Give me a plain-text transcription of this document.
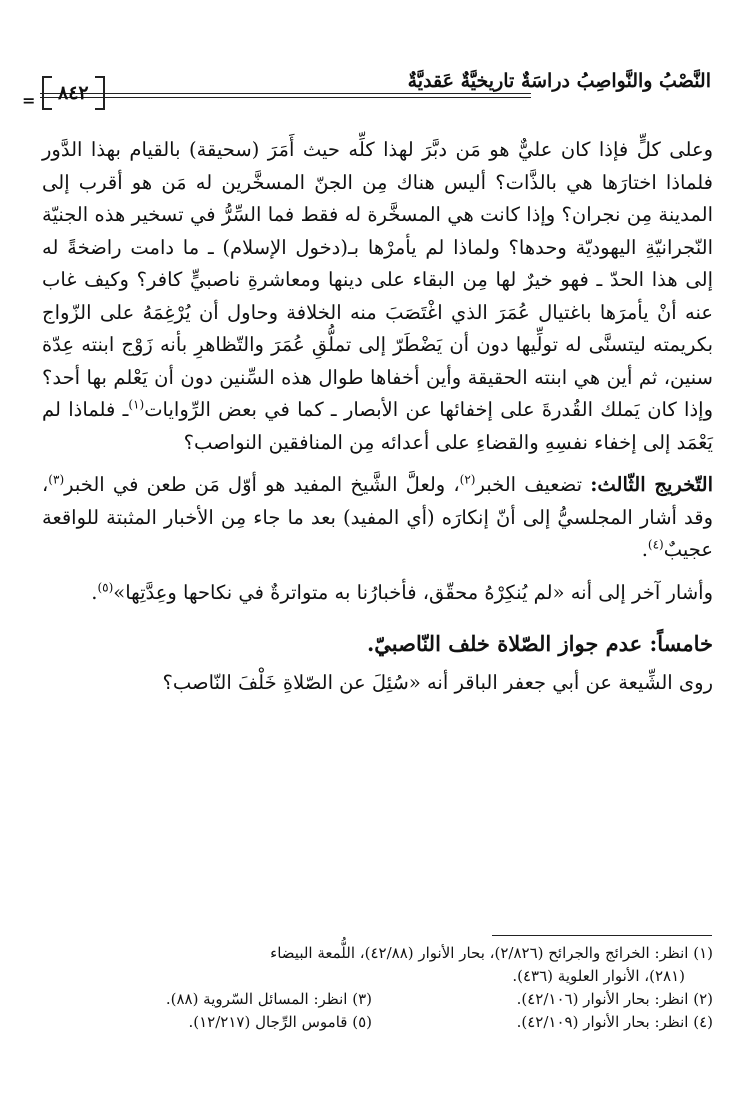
النَّصْبُ والنَّواصِبُ دراسَةٌ تاريخيَّةٌ عَقديَّةٌ
= ٨٤٢

وعلى كلٍّ فإذا كان عليٌّ هو مَن دبَّرَ لهذا كلِّه حيث أَمَرَ (سحيقة) بالقيام بهذا الدَّور فلماذا اختارَها هي بالذَّات؟ أليس هناك مِن الجنّ المسخَّرين له مَن هو أقرب إلى المدينة مِن نجران؟ وإذا كانت هي المسخَّرة له فقط فما السِّرُّ في تسخير هذه الجنيّة النّجرانيّةِ اليهوديّة وحدها؟ ولماذا لم يأمرْها بـ(دخول الإسلام) ـ ما دامت راضخةً له إلى هذا الحدّ ـ فهو خيرٌ لها مِن البقاء على دينها ومعاشرةِ ناصبيٍّ كافر؟ وكيف غاب عنه أنْ يأمرَها باغتيال عُمَرَ الذي اغْتَصَبَ منه الخلافة وحاول أن يُرْغِمَهُ على الزّواج بكريمته ليتسنَّى له تولِّيها دون أن يَضْطَرّ إلى تملُّقِ عُمَرَ والتّظاهرِ بأنه زَوْج ابنته عِدّة سنين، ثم أين هي ابنته الحقيقة وأين أخفاها طوال هذه السِّنين دون أن يَعْلم بها أحد؟ وإذا كان يَملك القُدرةَ على إخفائها عن الأبصار ـ كما في بعض الرِّوايات$^{(١)}$ـ فلماذا لم يَعْمَد إلى إخفاء نفسِهِ والقضاءِ على أعدائه مِن المنافقين النواصب؟

التّخريج الثّالث: تضعيف الخبر$^{(٢)}$، ولعلَّ الشَّيخ المفيد هو أوّل مَن طعن في الخبر$^{(٣)}$، وقد أشار المجلسيُّ إلى أنّ إنكارَه (أي المفيد) بعد ما جاء مِن الأخبار المثبتة للواقعة عجيبٌ$^{(٤)}$.

وأشار آخر إلى أنه «لم يُنكِرْهُ محقّق، فأخبارُنا به متواترةٌ في نكاحها وعِدَّتِها»$^{(٥)}$.

خامساً: عدم جواز الصّلاة خلف النّاصبيّ.

روى الشِّيعة عن أبي جعفر الباقر أنه «سُئِلَ عن الصّلاةِ خَلْفَ النّاصب؟

(١) انظر: الخرائج والجرائح (٢/٨٢٦)، بحار الأنوار (٤٢/٨٨)، اللُّمعة البيضاء
(٢٨١)، الأنوار العلوية (٤٣٦).
(٢) انظر: بحار الأنوار (٤٢/١٠٦).
(٣) انظر: المسائل السّروية (٨٨).
(٤) انظر: بحار الأنوار (٤٢/١٠٩).
(٥) قاموس الرِّجال (١٢/٢١٧).
